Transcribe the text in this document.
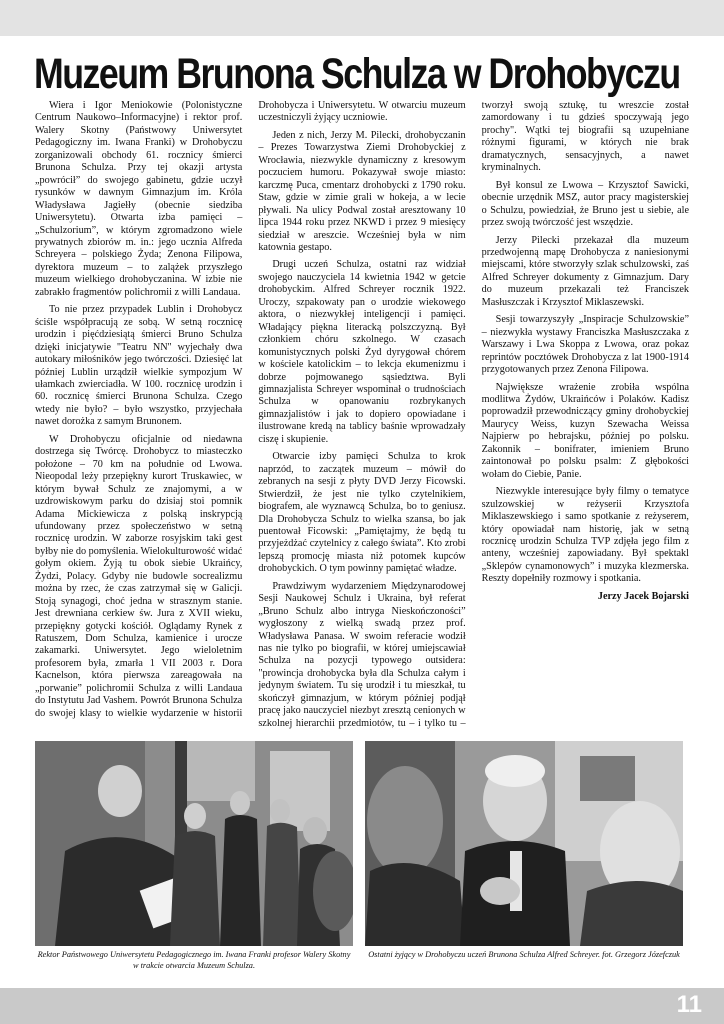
Muzeum Brunona Schulza w Drohobyczu

Wiera i Igor Meniokowie (Polonistyczne Centrum Naukowo–Informacyjne) i rektor prof. Walery Skotny (Państwowy Uniwersytet Pedagogiczny im. Iwana Franki) w Drohobyczu zorganizowali obchody 61. rocznicy śmierci Brunona Schulza. Przy tej okazji artysta „powrócił” do swojego gabinetu, gdzie uczył rysunków w dawnym Gimnazjum im. Króla Władysława Jagiełły (obecnie siedziba Uniwersytetu). Otwarta izba pamięci – „Schulzorium”, w którym zgromadzono wiele prywatnych zbiorów m. in.: jego ucznia Alfreda Schreyera – polskiego Żyda; Zenona Filipowa, dyrektora muzeum – to zalążek przyszłego muzeum wielkiego drohobyczanina. W izbie nie zabrakło fragmentów polichromii z willi Landaua.

To nie przez przypadek Lublin i Drohobycz ściśle współpracują ze sobą. W setną rocznicę urodzin i pięćdziesiątą śmierci Bruno Schulza dzięki inicjatywie "Teatru NN" wyjechały dwa autokary miłośników jego twórczości. Dziesięć lat później Lublin urządził wielkie sympozjum W ułamkach zwierciadła. W 100. rocznicę urodzin i 60. rocznicę śmierci Brunona Schulza. Czego wtedy nie było? – było wszystko, przyjechała nawet dorożka z samym Brunonem.

W Drohobyczu oficjalnie od niedawna dostrzega się Twórcę. Drohobycz to miasteczko położone – 70 km na południe od Lwowa. Nieopodal leży przepiękny kurort Truskawiec, w którym bywał Schulz ze znajomymi, a w uzdrowiskowym parku do dzisiaj stoi pomnik Adama Mickiewicza z polską inskrypcją ufundowany przez społeczeństwo w setną rocznicę urodzin. W zaborze rosyjskim taki gest byłby nie do pomyślenia. Wielokulturowość widać gołym okiem. Żyją tu obok siebie Ukraińcy, Żydzi, Polacy. Gdyby nie budowle socrealizmu można by rzec, że czas zatrzymał się w Galicji. Stoją synagogi, choć jedna w strasznym stanie. Jest drewniana cerkiew św. Jura z XVII wieku, przepiękny gotycki kościół. Oglądamy Rynek z Ratuszem, Dom Schulza, kamienice i urocze zakamarki. Uniwersytet. Jego wieloletnim profesorem była, zmarła 1 VII 2003 r. Dora Kacnelson, która pierwsza zareagowała na „porwanie” polichromii Schulza z willi Landaua do Instytutu Jad Vashem. Powrót Brunona Schulza do swojej klasy to wielkie wydarzenie w historii Drohobycza i Uniwersytetu. W otwarciu muzeum uczestniczyli żyjący uczniowie.

Jeden z nich, Jerzy M. Pilecki, drohobyczanin – Prezes Towarzystwa Ziemi Drohobyckiej z Wrocławia, niezwykle dynamiczny z kresowym poczuciem humoru. Pokazywał swoje miasto: karczmę Puca, cmentarz drohobycki z 1790 roku. Staw, gdzie w zimie grali w hokeja, a w lecie pływali. Na ulicy Podwal został aresztowany 10 lipca 1944 roku przez NKWD i przez 9 miesięcy siedział w areszcie. Wcześniej była w nim katownia gestapo.

Drugi uczeń Schulza, ostatni raz widział swojego nauczyciela 14 kwietnia 1942 w getcie drohobyckim. Alfred Schreyer rocznik 1922. Uroczy, szpakowaty pan o urodzie wiekowego aktora, o niezwykłej inteligencji i pamięci. Władający piękna literacką polszczyzną. Był członkiem chóru szkolnego. W czasach komunistycznych polski Żyd dyrygował chórem w kościele katolickim – to lekcja ekumenizmu i dobrze pojmowanego sąsiedztwa. Byli gimnazjalista Schreyer wspominał o trudnościach Schulza w opanowaniu rozbrykanych gimnazjalistów i jak to dopiero opowiadane i ilustrowane kredą na tablicy baśnie wprowadzały ciszę i skupienie.

Otwarcie izby pamięci Schulza to krok naprzód, to zaczątek muzeum – mówił do zebranych na sesji z płyty DVD Jerzy Ficowski. Stwierdził, że jest nie tylko czytelnikiem, biografem, ale wyznawcą Schulza, bo to geniusz. Dla Drohobycza Schulz to wielka szansa, bo jak puentował Ficowski: „Pamiętajmy, że będą tu przyjeżdżać czytelnicy z całego świata”. Kto zrobi lepszą promocję miasta niż potomek kupców drohobyckich. O tym powinny pamiętać władze.

Prawdziwym wydarzeniem Międzynarodowej Sesji Naukowej Schulz i Ukraina, był referat „Bruno Schulz albo intryga Nieskończoności” wygłoszony z wielką swadą przez prof. Władysława Panasa. W swoim referacie wodził nas nie tylko po biografii, w której umiejscawiał Schulza na pozycji typowego outsidera: "prowincja drohobycka była dla Schulza całym i jedynym światem. Tu się urodził i tu mieszkał, tu skończył gimnazjum, w którym później podjął pracę jako nauczyciel niezbyt zresztą cenionych w szkolnej hierarchii przedmiotów, tu – i tylko tu – tworzył swoją sztukę, tu wreszcie został zamordowany i tu gdzieś spoczywają jego prochy". Wątki tej biografii są uzupełniane różnymi figurami, w których nie brak dramatycznych, sensacyjnych, a nawet kryminalnych.

Był konsul ze Lwowa – Krzysztof Sawicki, obecnie urzędnik MSZ, autor pracy magisterskiej o Schulzu, powiedział, że Bruno jest u siebie, ale przez swoją twórczość jest wszędzie.

Jerzy Pilecki przekazał dla muzeum przedwojenną mapę Drohobycza z naniesionymi miejscami, które stworzyły szlak schulzowski, zaś Alfred Schreyer dokumenty z Gimnazjum. Dary do muzeum przekazali też Franciszek Masłuszczak i Krzysztof Miklaszewski.

Sesji towarzyszyły „Inspiracje Schulzowskie” – niezwykła wystawy Franciszka Masłuszczaka z Warszawy i Lwa Skoppa z Lwowa, oraz pokaz reprintów pocztówek Drohobycza z lat 1900-1914 przygotowanych przez Zenona Filipowa.

Największe wrażenie zrobiła wspólna modlitwa Żydów, Ukraińców i Polaków. Kadisz poprowadził przewodniczący gminy drohobyckiej Maurycy Weiss, kuzyn Szewacha Weissa Najpierw po hebrajsku, później po polsku. Zakonnik – bonifrater, imieniem Bruno zaintonował po polsku psalm: Z głębokości wołam do Ciebie, Panie.

Niezwykle interesujące były filmy o tematyce szulzowskiej w reżyserii Krzysztofa Miklaszewskiego i samo spotkanie z reżyserem, który opowiadał nam historię, jak w setną rocznicę urodzin Schulza TVP zdjęła jego film z anteny, wcześniej zapowiadany. Był spektakl „Sklepów cynamonowych” i muzyka klezmerska. Reszty dopełniły rozmowy i spotkania.

Jerzy Jacek Bojarski
Rektor Państwowego Uniwersytetu Pedagogicznego im. Iwana Franki profesor Walery Skotny w trakcie otwarcia Muzeum Schulza.
Ostatni żyjący w Drohobyczu uczeń Brunona Schulza Alfred Schreyer. fot. Grzegorz Józefczuk
11
